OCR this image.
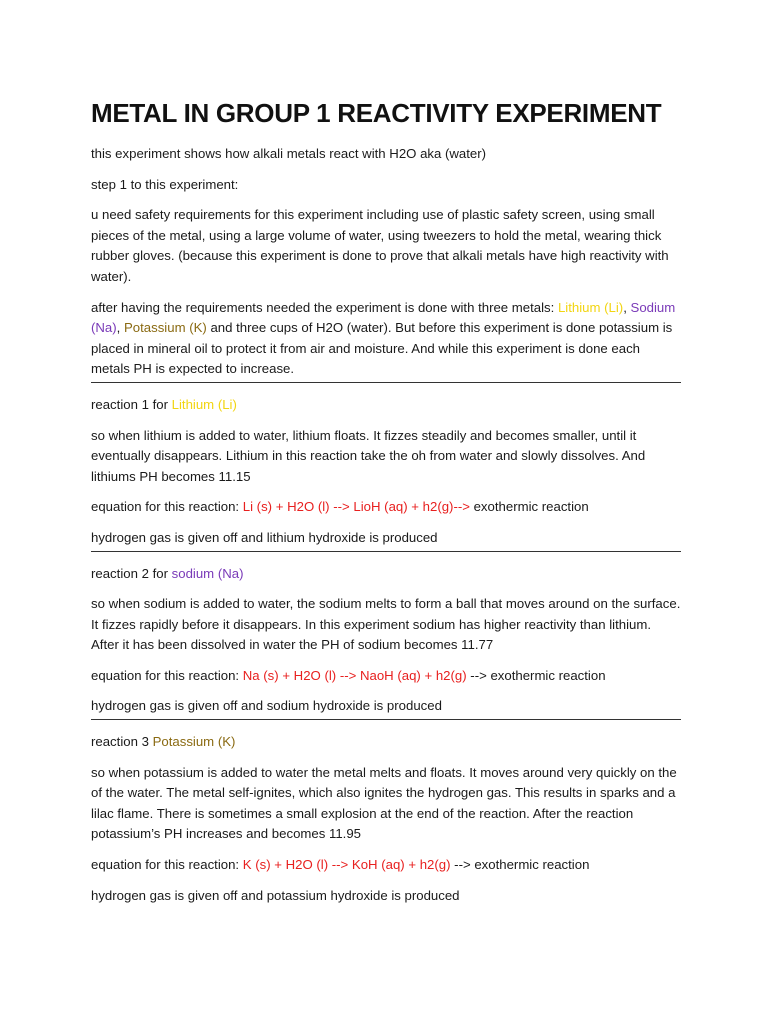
METAL IN GROUP 1 REACTIVITY EXPERIMENT

this experiment shows how alkali metals react with H2O aka (water)

step 1 to this experiment:

u need safety requirements for this experiment including use of plastic safety screen, using small pieces of the metal, using a large volume of water, using tweezers to hold the metal, wearing thick rubber gloves. (because this experiment is done to prove that alkali metals have high reactivity with water).

after having the requirements needed the experiment is done with three metals: Lithium (Li), Sodium (Na), Potassium (K) and three cups of H2O (water). But before this experiment is done potassium is placed in mineral oil to protect it from air and moisture. And while this experiment is done each metals PH is expected to increase.

reaction 1 for Lithium (Li)

so when lithium is added to water, lithium floats. It fizzes steadily and becomes smaller, until it eventually disappears. Lithium in this reaction take the oh from water and slowly dissolves. And lithiums PH becomes 11.15

equation for this reaction: Li (s) + H2O (l) --> LioH (aq) + h2(g)--> exothermic reaction

hydrogen gas is given off and lithium hydroxide is produced

reaction 2 for sodium (Na)

so when sodium is added to water, the sodium melts to form a ball that moves around on the surface. It fizzes rapidly before it disappears. In this experiment sodium has higher reactivity than lithium. After it has been dissolved in water the PH of sodium becomes 11.77

equation for this reaction: Na (s) + H2O (l) --> NaoH (aq) + h2(g) --> exothermic reaction

hydrogen gas is given off and sodium hydroxide is produced

reaction 3 Potassium (K)

so when potassium is added to water the metal melts and floats. It moves around very quickly on the of the water. The metal self-ignites, which also ignites the hydrogen gas. This results in sparks and a lilac flame. There is sometimes a small explosion at the end of the reaction. After the reaction potassium’s PH increases and becomes 11.95

equation for this reaction: K (s) + H2O (l) --> KoH (aq) + h2(g) --> exothermic reaction

hydrogen gas is given off and potassium hydroxide is produced
